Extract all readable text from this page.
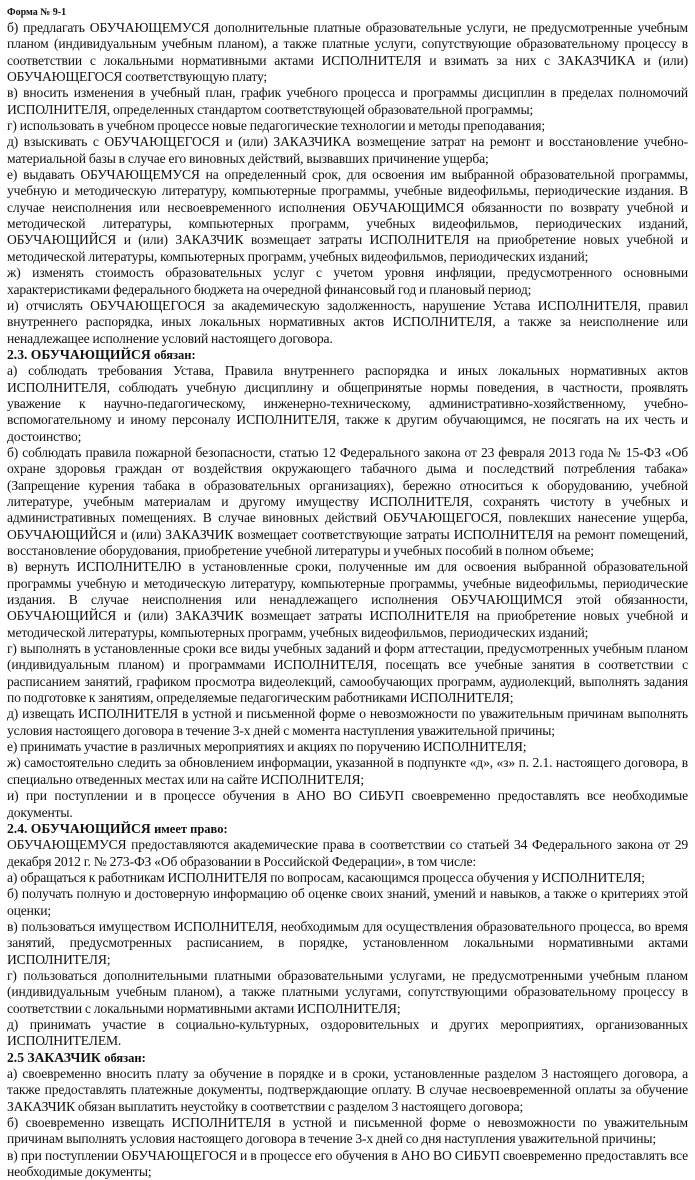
Форма № 9-1

б) предлагать ОБУЧАЮЩЕМУСЯ дополнительные платные образовательные услуги, не предусмотренные учебным планом (индивидуальным учебным планом), а также платные услуги, сопутствующие образовательному процессу в соответствии с локальными нормативными актами ИСПОЛНИТЕЛЯ и взимать за них с ЗАКАЗЧИКА и (или) ОБУЧАЮЩЕГОСЯ соответствующую плату;

в) вносить изменения в учебный план, график учебного процесса и программы дисциплин в пределах полномочий ИСПОЛНИТЕЛЯ, определенных стандартом соответствующей образовательной программы;

г) использовать в учебном процессе новые педагогические технологии и методы преподавания;

д) взыскивать с ОБУЧАЮЩЕГОСЯ и (или) ЗАКАЗЧИКА возмещение затрат на ремонт и восстановление учебно-материальной базы в случае его виновных действий, вызвавших причинение ущерба;

е) выдавать ОБУЧАЮЩЕМУСЯ на определенный срок, для освоения им выбранной образовательной программы, учебную и методическую литературу, компьютерные программы, учебные видеофильмы, периодические издания. В случае неисполнения или несвоевременного исполнения ОБУЧАЮЩИМСЯ обязанности по возврату учебной и методической литературы, компьютерных программ, учебных видеофильмов, периодических изданий, ОБУЧАЮЩИЙСЯ и (или) ЗАКАЗЧИК возмещает затраты ИСПОЛНИТЕЛЯ на приобретение новых учебной и методической литературы, компьютерных программ, учебных видеофильмов, периодических изданий;

ж) изменять стоимость образовательных услуг с учетом уровня инфляции, предусмотренного основными характеристиками федерального бюджета на очередной финансовый год и плановый период;

и) отчислять ОБУЧАЮЩЕГОСЯ за академическую задолженность, нарушение Устава ИСПОЛНИТЕЛЯ, правил внутреннего распорядка, иных локальных нормативных актов ИСПОЛНИТЕЛЯ, а также за неисполнение или ненадлежащее исполнение условий настоящего договора.

2.3. ОБУЧАЮЩИЙСЯ обязан:

а) соблюдать требования Устава, Правила внутреннего распорядка и иных локальных нормативных актов ИСПОЛНИТЕЛЯ, соблюдать учебную дисциплину и общепринятые нормы поведения, в частности, проявлять уважение к научно-педагогическому, инженерно-техническому, административно-хозяйственному, учебно-вспомогательному и иному персоналу ИСПОЛНИТЕЛЯ, также к другим обучающимся, не посягать на их честь и достоинство;

б) соблюдать правила пожарной безопасности, статью 12 Федерального закона от 23 февраля 2013 года № 15-ФЗ «Об охране здоровья граждан от воздействия окружающего табачного дыма и последствий потребления табака» (Запрещение курения табака в образовательных организациях), бережно относиться к оборудованию, учебной литературе, учебным материалам и другому имуществу ИСПОЛНИТЕЛЯ, сохранять чистоту в учебных и административных помещениях. В случае виновных действий ОБУЧАЮЩЕГОСЯ, повлекших нанесение ущерба, ОБУЧАЮЩИЙСЯ и (или) ЗАКАЗЧИК возмещает соответствующие затраты ИСПОЛНИТЕЛЯ на ремонт помещений, восстановление оборудования, приобретение учебной литературы и учебных пособий в полном объеме;

в) вернуть ИСПОЛНИТЕЛЮ в установленные сроки, полученные им для освоения выбранной образовательной программы учебную и методическую литературу, компьютерные программы, учебные видеофильмы, периодические издания. В случае неисполнения или ненадлежащего исполнения ОБУЧАЮЩИМСЯ этой обязанности, ОБУЧАЮЩИЙСЯ и (или) ЗАКАЗЧИК возмещает затраты ИСПОЛНИТЕЛЯ на приобретение новых учебной и методической литературы, компьютерных программ, учебных видеофильмов, периодических изданий;

г) выполнять в установленные сроки все виды учебных заданий и форм аттестации, предусмотренных учебным планом (индивидуальным планом) и программами ИСПОЛНИТЕЛЯ, посещать все учебные занятия в соответствии с расписанием занятий, графиком просмотра видеолекций, самообучающих программ, аудиолекций, выполнять задания по подготовке к занятиям, определяемые педагогическим работниками ИСПОЛНИТЕЛЯ;

д) извещать ИСПОЛНИТЕЛЯ в устной и письменной форме о невозможности по уважительным причинам выполнять условия настоящего договора в течение 3-х дней с момента наступления уважительной причины;

е) принимать участие в различных мероприятиях и акциях по поручению ИСПОЛНИТЕЛЯ;

ж) самостоятельно следить за обновлением информации, указанной в подпункте «д», «з» п. 2.1. настоящего договора, в специально отведенных местах или на сайте ИСПОЛНИТЕЛЯ;

и) при поступлении и в процессе обучения в АНО ВО СИБУП своевременно предоставлять все необходимые документы.

2.4. ОБУЧАЮЩИЙСЯ имеет право:

ОБУЧАЮЩЕМУСЯ предоставляются академические права в соответствии со статьей 34 Федерального закона от 29 декабря 2012 г. № 273-ФЗ «Об образовании в Российской Федерации», в том числе:

а) обращаться к работникам ИСПОЛНИТЕЛЯ по вопросам, касающимся процесса обучения у ИСПОЛНИТЕЛЯ;

б) получать полную и достоверную информацию об оценке своих знаний, умений и навыков, а также о критериях этой оценки;

в) пользоваться имуществом ИСПОЛНИТЕЛЯ, необходимым для осуществления образовательного процесса, во время занятий, предусмотренных расписанием, в порядке, установленном локальными нормативными актами ИСПОЛНИТЕЛЯ;

г) пользоваться дополнительными платными образовательными услугами, не предусмотренными учебным планом (индивидуальным учебным планом), а также платными услугами, сопутствующими образовательному процессу в соответствии с локальными нормативными актами ИСПОЛНИТЕЛЯ;

д) принимать участие в социально-культурных, оздоровительных и других мероприятиях, организованных ИСПОЛНИТЕЛЕМ.

2.5 ЗАКАЗЧИК обязан:

а) своевременно вносить плату за обучение в порядке и в сроки, установленные разделом 3 настоящего договора, а также предоставлять платежные документы, подтверждающие оплату. В случае несвоевременной оплаты за обучение ЗАКАЗЧИК обязан выплатить неустойку в соответствии с разделом 3 настоящего договора;

б) своевременно извещать ИСПОЛНИТЕЛЯ в устной и письменной форме о невозможности по уважительным причинам выполнять условия настоящего договора в течение 3-х дней со дня наступления уважительной причины;

в) при поступлении ОБУЧАЮЩЕГОСЯ и в процессе его обучения в АНО ВО СИБУП своевременно предоставлять все необходимые документы;
